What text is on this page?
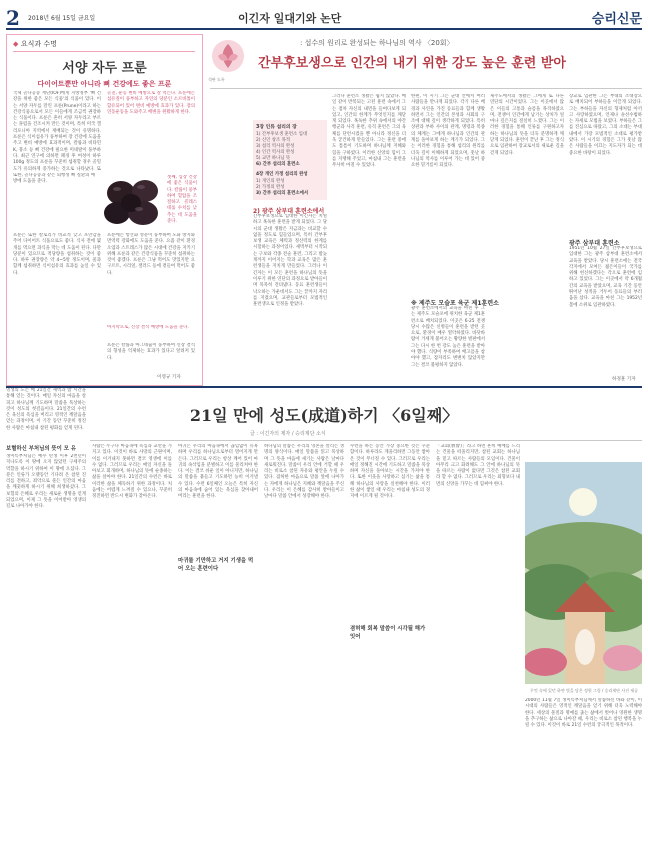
2 2018년 6월 15일 금요일	이긴자 일대기와 논단	승리신문
◆ 요식과 수명
서양 자두 프룬
다이어트뿐만 아니라 뼈 건강에도 좋은 프룬
국제 골다공증 재단(IOF)에게 지방정부 '뼈 건강을 위한 좋은 모든 식품'의 식품이 있다. 이는 서양 자두를 말린 프룬(Prune)이라고 하는 건강식품으로서 모든 이들에게 조금씩 권장하는 식품이다. 프룬은 흔히 서양 자두라고 부르는 플럼을 건조시켜 만든 것이며, 특히 미국 캘리포니아 지역에서 재배되는 것이 유명하다. 프룬은 식이섬유가 풍부하여 장 건강에 도움을 주고 변비 예방에 효과적이며, 칼륨과 비타민 K, 붕소 등 뼈 건강에 필요한 미네랄이 풍부하다. 최근 연구에 의하면 폐경 후 여성이 하루 100g 정도의 프룬을 꾸준히 섭취할 경우 골밀도가 유의하게 증가하는 것으로 나타났다. 또
골칠, 운동 변비 예방으로 잘 먹는다. 프룬에는 섬유질이 풍부하고 자연의 당분인 소르비톨이 함유되어 있어 변비 예방에 효과가 있다. 장의 연동운동을 도와주고 배변을 원활하게 한다.
또한, 골다공증과 같은 퇴행성 뼈 질환의 예방에 도움을 준다.
셋째, 심장 건강에 좋은 식품이다. 칼륨이 풍부하여 혈압을 조절하고 콜레스테롤 수치를 낮추는 데 도움을 준다.
프룬은 또한 칼로리가 비교적 낮고 포만감을 주어 다이어트 식품으로도 좋다. 식사 전에 몇 개를 먹으면 과식을 막는 데 도움이 된다. 다만 당분이 있으므로 적당량을 섭취하는 것이 좋다. 하루 권장량은 약 4~5알 정도이며, 물과 함께 섭취하면 식이섬유의 효과를 높일 수 있다.
프룬에는 항산화 성분이 풍부하여 노화 방지와 면역력 강화에도 도움을 준다. 요즘 같이 환경 오염과 스트레스가 많은 시대에 건강을 지키기 위해 프룬과 같은 건강식품을 꾸준히 섭취하는 것이 좋겠다. 프룬은 그냥 먹어도 맛있지만 요구르트, 시리얼, 샐러드 등에 곁들여 먹어도 좋다.
마지막으로, 신장 결석 예방에 도움을 준다.
프룬은 칼륨과 마그네슘이 풍부하여 신장 결석의 형성을 억제하는 효과가 있다고 알려져 있다.
이영규 기자
석판 도록
: 섭수의 원리로 완성되는 하나님의 역사 〈20회〉
간부후보생으로 인간의 내기 위한 강도 높은 훈련 받아
3장 인류 섭리의 장
1) 간부후보생 훈련소 입대
2) 신인 창조 목적
3) 섭리 역사의 완성
4) 인간 역사의 완성
5) 교만 하나님 뜻
6) 간부 섭리의 훈련소
4장 개인 가정 섭리의 완성
1) 개인의 완성
2) 가정의 완성
3) 간부 섭리의 훈련소에서
2) 광주 삼부대 훈련소에서
간부후보생으로 입대한 이긴자는 치열하고 혹독한 훈련을 받게 되었다. 그 당시의 군대 생활은 지금과는 비교할 수 없을 정도로 힘들었으며, 특히 간부후보생 교육은 체력과 정신력의 한계를 시험하는 과정이었다. 새벽부터 시작되는 구보와 각종 전술 훈련, 그리고 밤늦게까지 이어지는 학과 교육은 많은 훈련생들을 지치게 만들었다. 그러나 이긴자는 이 모든 훈련을 하나님의 뜻을 이루기 위한 연단의 과정으로 받아들이며 묵묵히 견뎌냈다. 동료 훈련생들이 낙오하는 가운데서도 그는 끝까지 자리를 지켰으며, 교관들로부터 모범적인 훈련생으로 인정을 받았다.
그러나 훈련소 생활은 쉽지 않았다. 매일 같이 반복되는 고된 훈련 속에서 그는 점차 자신의 내면을 들여다보게 되었고, 인간의 한계가 무엇인지를 깨닫게 되었다. 혹독한 추위 속에서의 야간 행군과 사격 훈련, 유격 훈련은 그의 육체를 단련시켰을 뿐 아니라 정신을 더욱 굳건하게 만들었다. 그는 훈련 중에도 틈틈이 기도하며 하나님께 지혜와 힘을 구하였다. 이러한 신앙의 힘이 그를 지탱해 주었고, 마침내 그는 훈련을 무사히 마칠 수 있었다.
한편, 이 시기 그는 군대 안에서 여러 사람들을 만나게 되었다. 각기 다른 배경과 사연을 가진 동료들과 함께 생활하면서 그는 인간의 본성과 사회의 구조에 대해 깊이 생각하게 되었다. 특히 상관과 부하 사이의 관계, 명령과 복종의 체계는 그에게 하나님과 인간의 관계를 돌아보게 하는 계기가 되었다. 그는 이러한 경험을 통해 섭리의 원리를 더욱 깊이 이해하게 되었으며, 훗날 하나님의 역사를 이루어 가는 데 있어 중요한 밑거름이 되었다.
※ 제주도 모슬포 육군 제1훈련소
광주 훈련소에서의 교육을 마친 후 그는 제주도 모슬포에 위치한 육군 제1훈련소로 배치되었다. 이곳은 6·25 전쟁 당시 수많은 신병들이 훈련을 받던 곳으로, 환경이 매우 열악하였다. 바닷바람이 거세게 불어오는 황량한 벌판에서 그는 다시 한 번 강도 높은 훈련을 받아야 했다. 식량이 부족하여 배고픔을 참아야 했고, 잠자리도 변변치 않았지만 그는 결코 불평하지 않았다.
제주도에서의 생활은 그에게 또 다른 연단의 시간이었다. 그는 이곳에서 많은 이들의 고통과 슬픔을 목격하였으며, 전쟁이 인간에게 남기는 상처가 얼마나 깊은지를 절실히 느꼈다. 그는 이러한 경험을 통해 인류를 구원하고자 하는 하나님의 뜻을 더욱 분명하게 깨닫게 되었다. 훈련이 끝난 후 그는 정식으로 임관하여 장교로서의 새로운 길을 걷게 되었다.
장교로 임관한 그는 부대의 소대장으로 배치되어 부하들을 이끌게 되었다. 그는 부하들을 자신의 형제처럼 아끼고 사랑하였으며, 언제나 솔선수범하는 자세로 모범을 보였다. 부하들은 그를 진심으로 따랐고, 그의 소대는 부대 내에서 가장 모범적인 소대로 평가받았다. 이 시기의 경험은 그가 훗날 많은 사람들을 이끄는 지도자가 되는 데 중요한 바탕이 되었다.
광주 삼부대 훈련소
1951년 10월 27일 간부후보생으로 입대한 그는 광주 삼부대 훈련소에서 교육을 받았다. 당시 훈련소에는 전국 각지에서 모여든 젊은이들이 국가를 위해 헌신하겠다는 각오로 훈련에 임하고 있었다. 그는 이곳에서 약 6개월간의 교육을 받았으며, 교육 기간 동안 뛰어난 성적을 거두어 동료들의 부러움을 샀다. 교육을 마친 그는 1952년 봄에 소위로 임관하였다.
하경훈 기자
영생의 도는 매 21일간 새벽과 밤 시간을 통해 얻는 것이다. 매일 자신의 마음을 살피고 하나님께 기도하며 말씀을 묵상하는 것이 성도의 첫걸음이다. 21일간의 수련은 육신의 욕심을 버리고 영적인 깨달음을 얻는 과정이며, 이 기간 동안 꾸준히 정진한 사람은 마침내 참된 평화를 얻게 된다.
21일 만에 성도(成道)하기 〈6일째〉
글 : 이긴자의 제자 / 승리제단 소식
보혈하신 부처님의 뜻이 모 유
생미륵부처님은 예수 탄생 이후 2천년이 지나도록 이 땅에 오지 않았던 구세주의 역할을 하시기 위하여 이 땅에 오셨다. 그분은 인류가 오랫동안 기다려 온 참된 진리를 전하고, 죄악으로 물든 인간의 마음을 깨끗하게 하시기 위해 희생하셨다. 그 보혈의 은혜로 우리는 새로운 생명을 얻게 되었으며, 이제 그 뜻을 이어받아 영생의 길로 나아가야 한다.
사람은 누구나 마음속에 욕심과 교만을 가지고 있다. 이것이 바로 사망의 근원이며, 이를 이겨내지 못하면 결코 영생에 이를 수 없다. 그러므로 우리는 매일 자신을 돌아보고 회개하며, 하나님의 뜻에 순종하는 삶을 살아야 한다. 21일간의 수련은 바로 이러한 삶을 체득하기 위한 과정이다. 처음에는 어렵게 느껴질 수 있으나, 꾸준히 정진하면 반드시 변화가 찾아온다.
마귀를 기만하고 거지 기생을 먹어 오는 훈련이다
마귀는 우리의 마음속에서 끊임없이 유혹하며 우리를 하나님으로부터 멀어지게 만든다. 그러므로 우리는 항상 깨어 있어 마귀의 속삭임을 분별하고 이를 물리쳐야 한다. 이는 결코 쉬운 일이 아니지만, 하나님의 말씀을 붙들고 기도하면 능히 이겨낼 수 있다. 수련 6일째인 오늘은 특히 자신의 마음속에 숨어 있는 욕심을 찾아내어 버리는 훈련을 한다.
하나님의 말씀은 우리의 영혼을 살리는 생명의 양식이다. 매일 말씀을 읽고 묵상하며 그 뜻을 마음에 새기는 사람은 날마다 새로워진다. 말씀이 우리 안에 거할 때 우리는 비로소 참된 자유와 평안을 누릴 수 있다. 겸허한 마음으로 말씀 앞에 나아가는 자에게 하나님은 지혜와 깨달음을 주신다. 우리는 이 은혜를 감사히 받아들이고 날마다 말씀 안에서 성장해야 한다.
겸허해 회복 말씀이 시각될 해가 잇어
수련을 하는 동안 가장 중요한 것은 꾸준함이다. 하루라도 게을리하면 그동안 쌓아 온 것이 무너질 수 있다. 그러므로 우리는 매일 정해진 시간에 기도하고 말씀을 묵상하며 자신을 돌아보는 시간을 가져야 한다. 또한 이웃을 사랑하고 섬기는 삶을 통해 하나님의 사랑을 실천해야 한다. 이러한 삶이 쌓일 때 우리는 마침내 성도의 경지에 이르게 될 것이다.
「교회(敎會)」라고 하면 흔히 예배를 드리는 건물을 떠올리지만, 참된 교회는 하나님을 믿고 따르는 사람들의 모임이다. 건물이 아무리 크고 화려해도 그 안에 하나님의 뜻을 따르는 사람이 없다면 그것은 참된 교회라 할 수 없다. 그러므로 우리는 외형보다 내면의 신앙을 가꾸는 데 힘써야 한다.
무엇 속에 있던 하얀 빛을 담은 정원 그림 / 승리제단 사진 제공
2000년 11월 7일 생미륵부처님께서 말씀하신 바와 같이, 이 시대의 사람들은 영적인 깨달음을 얻기 위해 더욱 노력해야 한다. 세상의 물질과 명예를 좇는 삶에서 벗어나 영원한 생명을 추구하는 삶으로 나아갈 때, 우리는 비로소 참된 행복을 누릴 수 있다. 이것이 바로 21일 수련의 궁극적인 목적이다.
